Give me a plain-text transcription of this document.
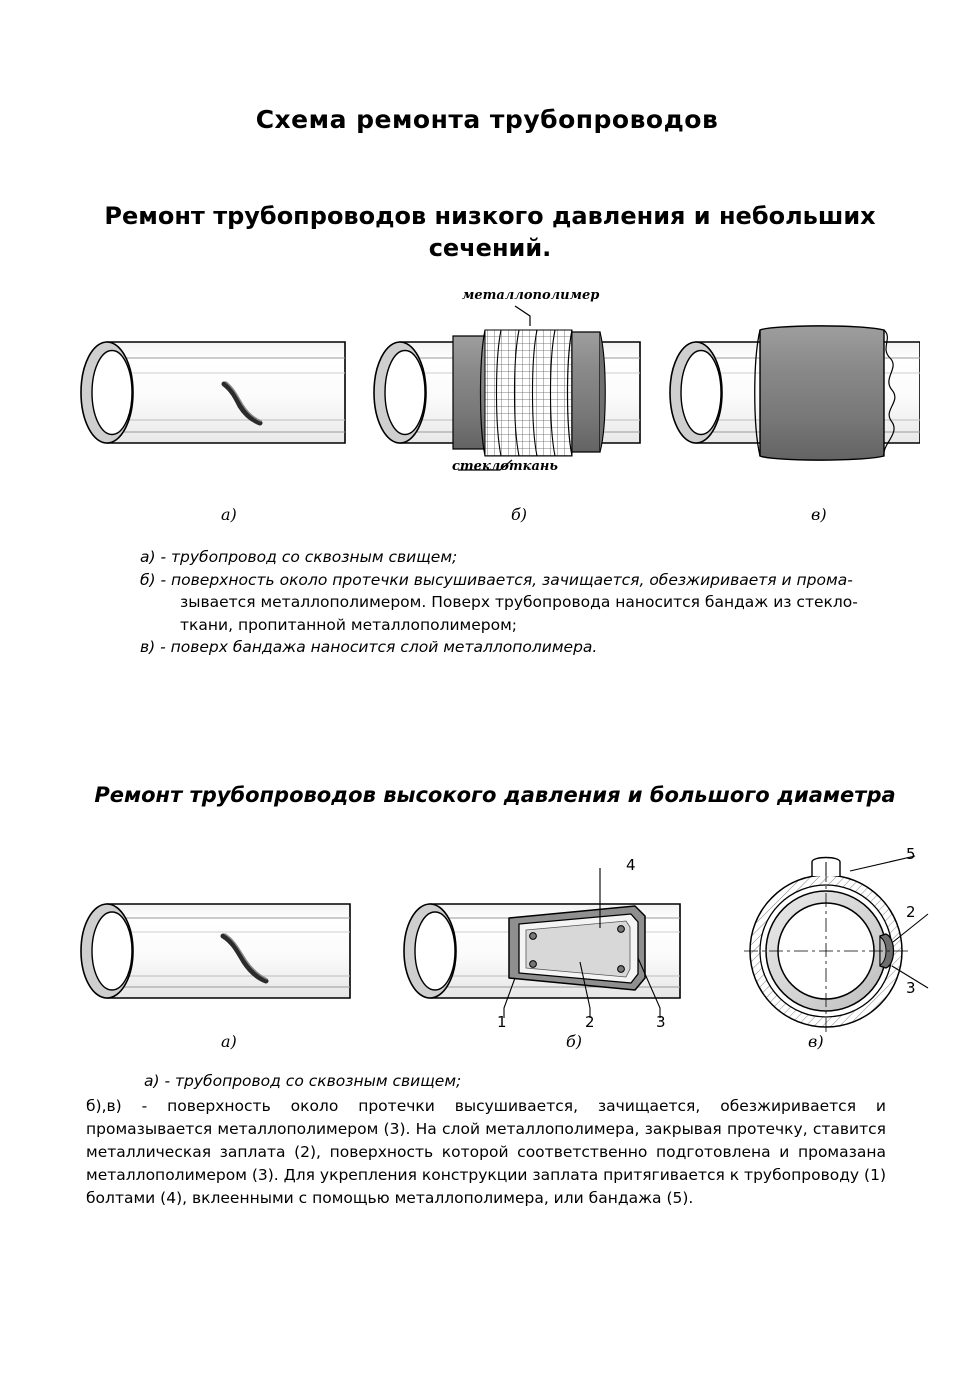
Схема ремонта трубопроводов
Ремонт трубопроводов низкого давления и небольших сечений.
металлополимер
стеклоткань
а)	б)	в)
а) - трубопровод со сквозным свищем;
б) - поверхность около протечки высушивается, зачищается, обезжириваетя и прома-
зывается металлополимером. Поверх трубопровода наносится бандаж из стекло-
ткани, пропитанной металлополимером;
в) - поверх бандажа наносится слой металлополимера.
Ремонт трубопроводов высокого давления и большого диаметра
4
1	2	3
5
2
3
а)	б)	в)
а) - трубопровод со сквозным свищем;
б),в) - поверхность около протечки высушивается, зачищается, обезжиривается и промазывается металлополимером (3). На слой металлополимера, закрывая протечку, ставится металлическая заплата (2), поверхность которой соответственно подготовлена и промазана металлополимером (3). Для укрепления конструкции заплата притягивается к трубопроводу (1) болтами (4), вклеенными с помощью металлополимера, или бандажа (5).
